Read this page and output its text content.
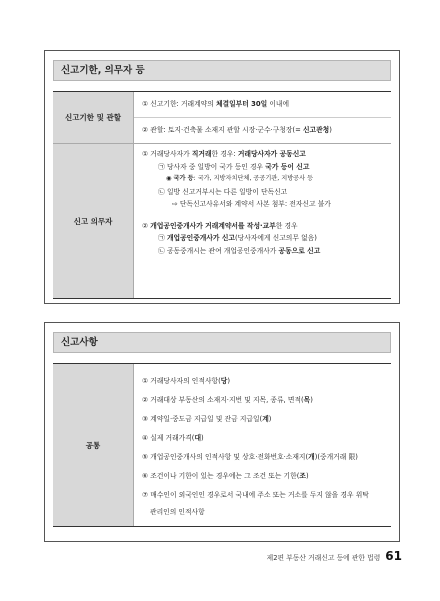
신고기한, 의무자 등
신고기한 및 관할
① 신고기한: 거래계약의 체결일부터 30일 이내에
② 관할: 토지·건축물 소재지 관할 시장·군수·구청장(= 신고관청)
신고 의무자
① 거래당사자가 직거래한 경우: 거래당사자가 공동신고
㉠ 당사자 중 일방이 국가 등인 경우 국가 등이 신고
◉ 국가 등: 국가, 지방자치단체, 공공기관, 지방공사 등
㉡ 일방 신고거부시는 다른 일방이 단독신고
⇨ 단독신고사유서와 계약서 사본 첨부: 전자신고 불가
② 개업공인중개사가 거래계약서를 작성·교부한 경우
㉠ 개업공인중개사가 신고(당사자에게 신고의무 없음)
㉡ 공동중개시는 관여 개업공인중개사가 공동으로 신고
신고사항
공통
① 거래당사자의 인적사항(당)
② 거래대상 부동산의 소재지·지번 및 지목, 종류, 면적(목)
③ 계약일·중도금 지급일 및 잔금 지급일(계)
④ 실제 거래가격(대)
⑤ 개업공인중개사의 인적사항 및 상호·전화번호·소재지(개)(중개거래 限)
⑥ 조건이나 기한이 있는 경우에는 그 조건 또는 기한(조)
⑦ 매수인이 외국인인 경우로서 국내에 주소 또는 거소를 두지 않을 경우 위탁
관리인의 인적사항
제2편 부동산 거래신고 등에 관한 법령 61
